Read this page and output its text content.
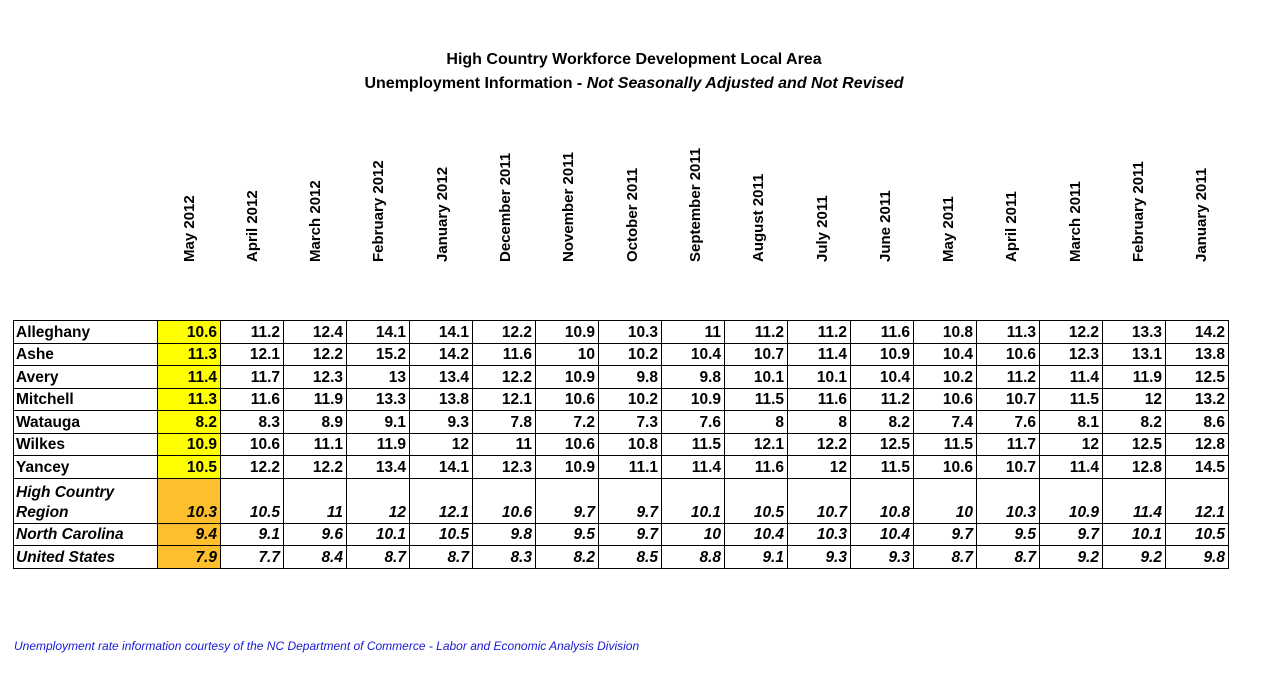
High Country Workforce Development Local Area
Unemployment Information - Not Seasonally Adjusted and Not Revised
May 2012	April 2012	March 2012	February 2012	January 2012	December 2011	November 2011	October 2011	September 2011	August 2011	July 2011	June 2011	May 2011	April 2011	March 2011	February 2011	January 2011
Alleghany	10.6	11.2	12.4	14.1	14.1	12.2	10.9	10.3	11	11.2	11.2	11.6	10.8	11.3	12.2	13.3	14.2
Ashe	11.3	12.1	12.2	15.2	14.2	11.6	10	10.2	10.4	10.7	11.4	10.9	10.4	10.6	12.3	13.1	13.8
Avery	11.4	11.7	12.3	13	13.4	12.2	10.9	9.8	9.8	10.1	10.1	10.4	10.2	11.2	11.4	11.9	12.5
Mitchell	11.3	11.6	11.9	13.3	13.8	12.1	10.6	10.2	10.9	11.5	11.6	11.2	10.6	10.7	11.5	12	13.2
Watauga	8.2	8.3	8.9	9.1	9.3	7.8	7.2	7.3	7.6	8	8	8.2	7.4	7.6	8.1	8.2	8.6
Wilkes	10.9	10.6	11.1	11.9	12	11	10.6	10.8	11.5	12.1	12.2	12.5	11.5	11.7	12	12.5	12.8
Yancey	10.5	12.2	12.2	13.4	14.1	12.3	10.9	11.1	11.4	11.6	12	11.5	10.6	10.7	11.4	12.8	14.5
High Country
Region	10.3	10.5	11	12	12.1	10.6	9.7	9.7	10.1	10.5	10.7	10.8	10	10.3	10.9	11.4	12.1
North Carolina	9.4	9.1	9.6	10.1	10.5	9.8	9.5	9.7	10	10.4	10.3	10.4	9.7	9.5	9.7	10.1	10.5
United States	7.9	7.7	8.4	8.7	8.7	8.3	8.2	8.5	8.8	9.1	9.3	9.3	8.7	8.7	9.2	9.2	9.8
Unemployment rate information courtesy of the NC Department of Commerce - Labor and Economic Analysis Division
